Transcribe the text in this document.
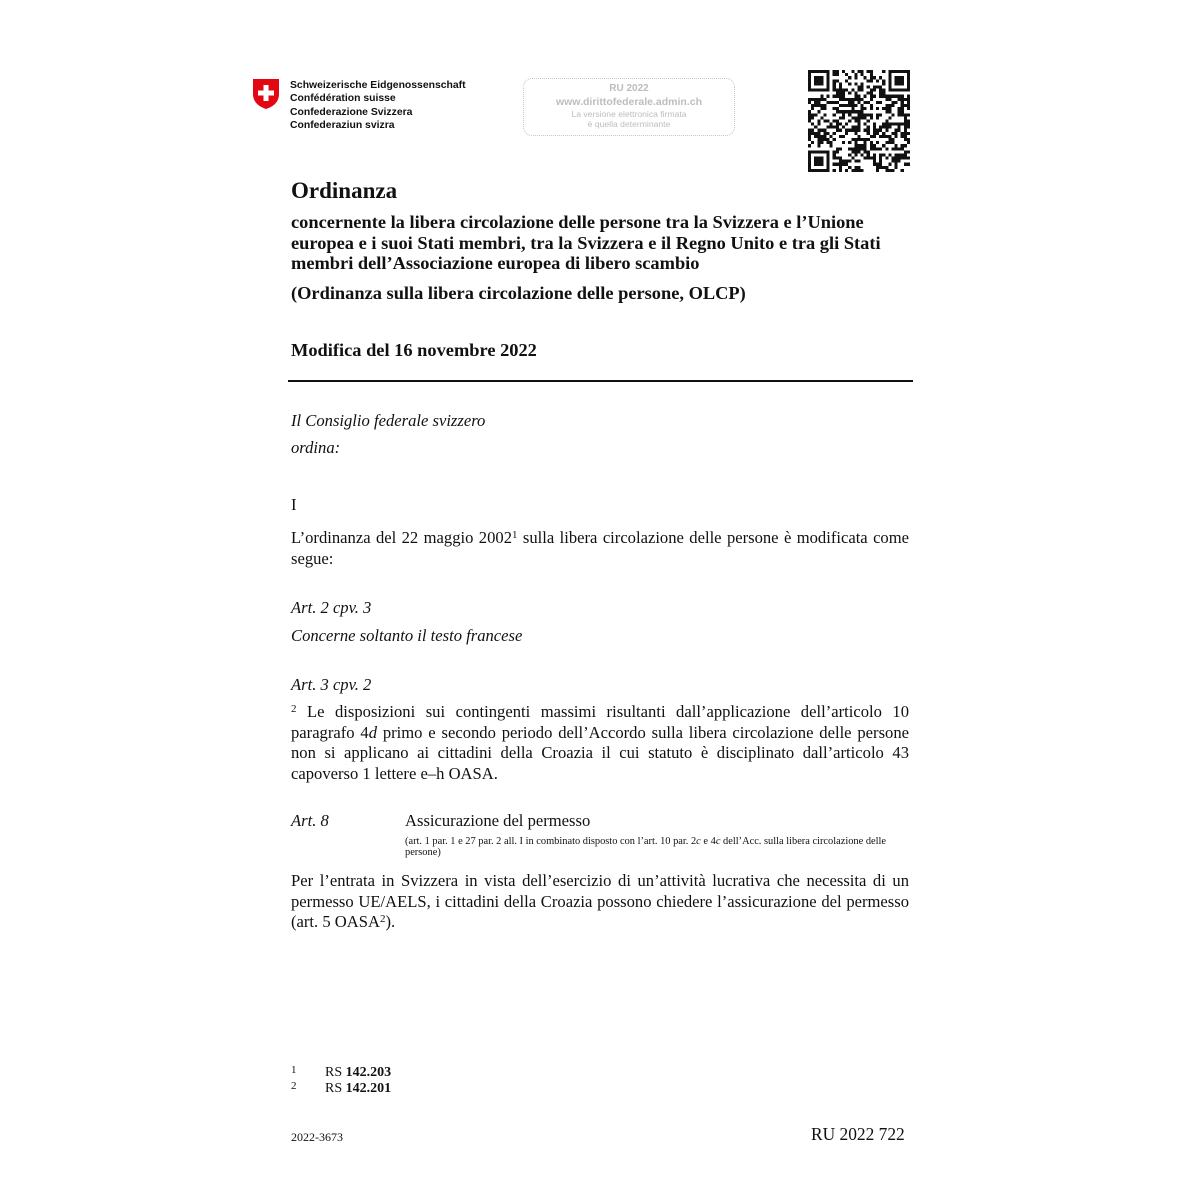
Schweizerische Eidgenossenschaft
Confédération suisse
Confederazione Svizzera
Confederaziun svizra
RU 2022
www.dirittofederale.admin.ch
La versione elettronica firmata
è quella determinante
Ordinanza
concernente la libera circolazione delle persone tra la Svizzera e l’Unione europea e i suoi Stati membri, tra la Svizzera e il Regno Unito e tra gli Stati membri dell’Associazione europea di libero scambio
(Ordinanza sulla libera circolazione delle persone, OLCP)
Modifica del 16 novembre 2022
Il Consiglio federale svizzero
ordina:
I
L’ordinanza del 22 maggio 2002$^1$ sulla libera circolazione delle persone è modificata come segue:
Art. 2 cpv. 3
Concerne soltanto il testo francese
Art. 3 cpv. 2
$^2$ Le disposizioni sui contingenti massimi risultanti dall’applicazione dell’articolo 10 paragrafo 4d primo e secondo periodo dell’Accordo sulla libera circolazione delle persone non si applicano ai cittadini della Croazia il cui statuto è disciplinato dall’articolo 43 capoverso 1 lettere e–h OASA.
Art. 8	Assicurazione del permesso
(art. 1 par. 1 e 27 par. 2 all. I in combinato disposto con l’art. 10 par. 2c e 4c dell’Acc. sulla libera circolazione delle persone)
Per l’entrata in Svizzera in vista dell’esercizio di un’attività lucrativa che necessita di un permesso UE/AELS, i cittadini della Croazia possono chiedere l’assicurazione del permesso (art. 5 OASA$^2$).
1 RS 142.203
2 RS 142.201
2022-3673	RU 2022 722
